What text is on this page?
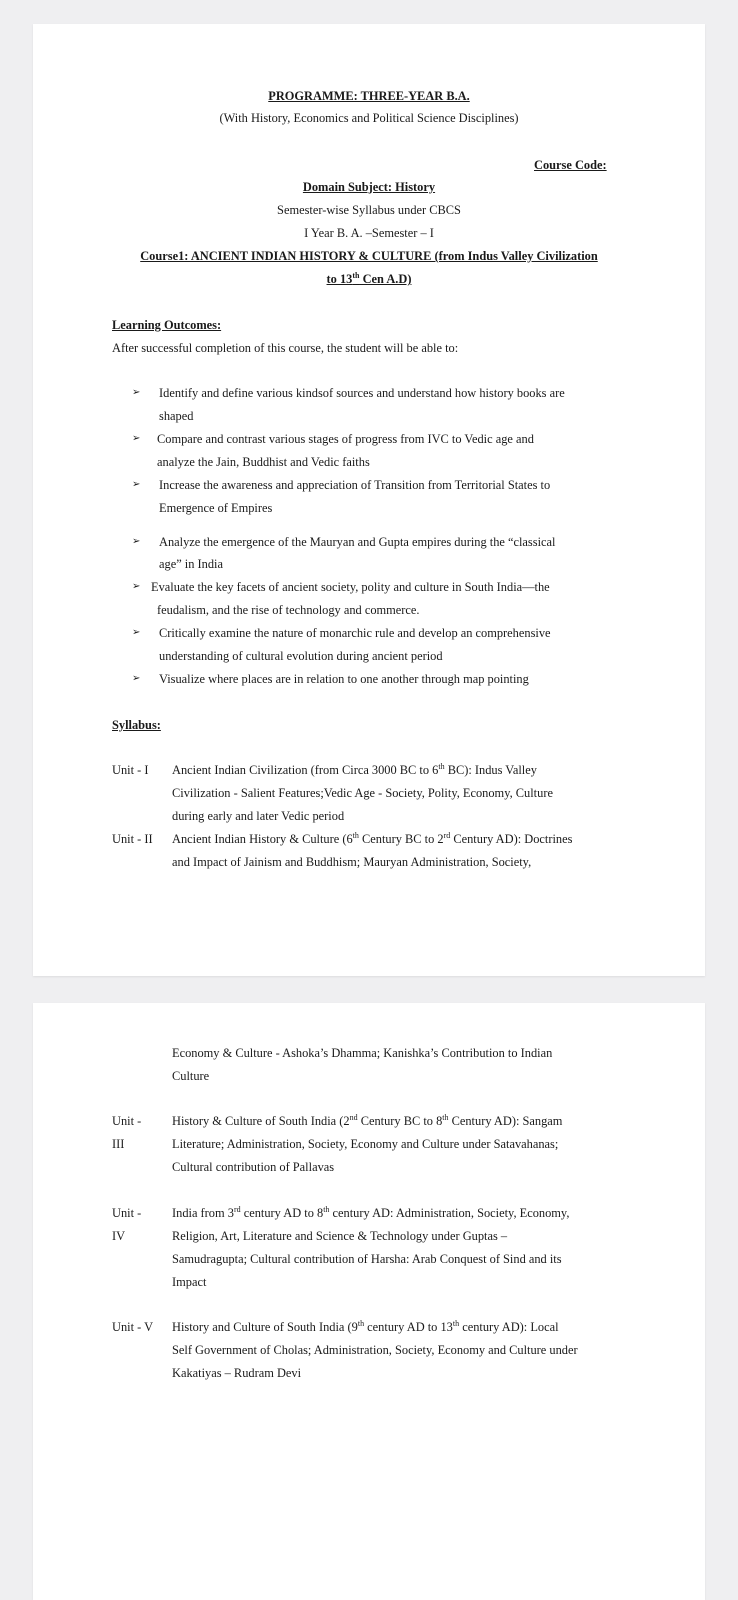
PROGRAMME: THREE-YEAR B.A.
(With History, Economics and Political Science Disciplines)
Course Code:
Domain Subject: History
Semester-wise Syllabus under CBCS
I Year B. A. –Semester – I
Course1: ANCIENT INDIAN HISTORY & CULTURE (from Indus Valley Civilization
to 13th Cen A.D)
Learning Outcomes:
After successful completion of this course, the student will be able to:
➢ Identify and define various kindsof sources and understand how history books are
shaped
➢ Compare and contrast various stages of progress from IVC to Vedic age and
analyze the Jain, Buddhist and Vedic faiths
➢ Increase the awareness and appreciation of Transition from Territorial States to
Emergence of Empires
➢ Analyze the emergence of the Mauryan and Gupta empires during the “classical
age” in India
➢ Evaluate the key facets of ancient society, polity and culture in South India—the
feudalism, and the rise of technology and commerce.
➢ Critically examine the nature of monarchic rule and develop an comprehensive
understanding of cultural evolution during ancient period
➢ Visualize where places are in relation to one another through map pointing
Syllabus:
Unit - I Ancient Indian Civilization (from Circa 3000 BC to 6th BC): Indus Valley
Civilization - Salient Features;Vedic Age - Society, Polity, Economy, Culture
during early and later Vedic period
Unit - II Ancient Indian History & Culture (6th Century BC to 2rd Century AD): Doctrines
and Impact of Jainism and Buddhism; Mauryan Administration, Society,
Economy & Culture - Ashoka’s Dhamma; Kanishka’s Contribution to Indian
Culture
Unit -
III
History & Culture of South India (2nd Century BC to 8th Century AD): Sangam
Literature; Administration, Society, Economy and Culture under Satavahanas;
Cultural contribution of Pallavas
Unit -
IV
India from 3rd century AD to 8th century AD: Administration, Society, Economy,
Religion, Art, Literature and Science & Technology under Guptas –
Samudragupta; Cultural contribution of Harsha: Arab Conquest of Sind and its
Impact
Unit - V History and Culture of South India (9th century AD to 13th century AD): Local
Self Government of Cholas; Administration, Society, Economy and Culture under
Kakatiyas – Rudram Devi
